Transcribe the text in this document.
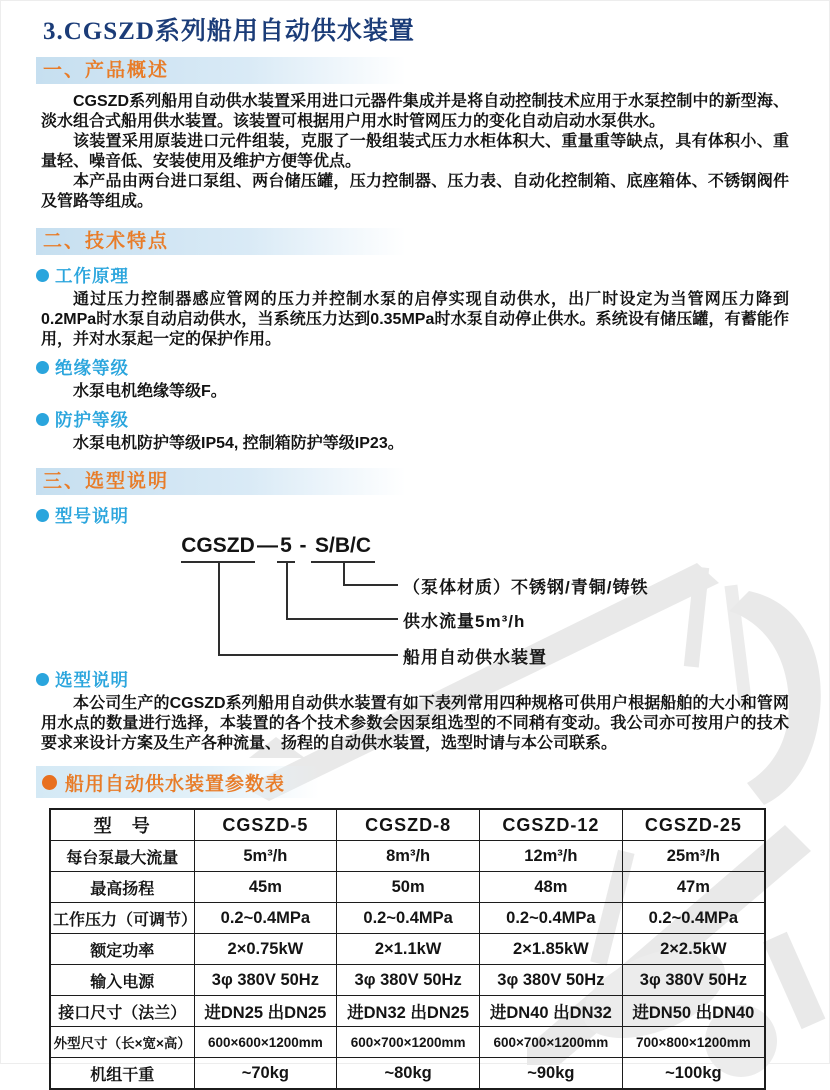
3.CGSZD系列船用自动供水装置
一、产品概述

CGSZD系列船用自动供水装置采用进口元器件集成并是将自动控制技术应用于水泵控制中的新型海、淡水组合式船用供水装置。该装置可根据用户用水时管网压力的变化自动启动水泵供水。

该装置采用原装进口元件组装，克服了一般组装式压力水柜体积大、重量重等缺点，具有体积小、重量轻、噪音低、安装使用及维护方便等优点。

本产品由两台进口泵组、两台储压罐，压力控制器、压力表、自动化控制箱、底座箱体、不锈钢阀件及管路等组成。

二、技术特点
工作原理

通过压力控制器感应管网的压力并控制水泵的启停实现自动供水，出厂时设定为当管网压力降到0.2MPa时水泵自动启动供水，当系统压力达到0.35MPa时水泵自动停止供水。系统设有储压罐，有蓄能作用，并对水泵起一定的保护作用。

绝缘等级

水泵电机绝缘等级F。

防护等级

水泵电机防护等级IP54, 控制箱防护等级IP23。

三、选型说明
型号说明
CGSZD — 5 - S/B/C
（泵体材质）不锈钢/青铜/铸铁
供水流量5m³/h
船用自动供水装置
选型说明

本公司生产的CGSZD系列船用自动供水装置有如下表列常用四种规格可供用户根据船舶的大小和管网用水点的数量进行选择，本装置的各个技术参数会因泵组选型的不同稍有变动。我公司亦可按用户的技术要求来设计方案及生产各种流量、扬程的自动供水装置，选型时请与本公司联系。

船用自动供水装置参数表
型　号	CGSZD-5	CGSZD-8	CGSZD-12	CGSZD-25
每台泵最大流量	5m³/h	8m³/h	12m³/h	25m³/h
最高扬程	45m	50m	48m	47m
工作压力（可调节）	0.2~0.4MPa	0.2~0.4MPa	0.2~0.4MPa	0.2~0.4MPa
额定功率	2×0.75kW	2×1.1kW	2×1.85kW	2×2.5kW
输入电源	3φ 380V 50Hz	3φ 380V 50Hz	3φ 380V 50Hz	3φ 380V 50Hz
接口尺寸（法兰）	进DN25 出DN25	进DN32 出DN25	进DN40 出DN32	进DN50 出DN40
外型尺寸（长×宽×高）	600×600×1200mm	600×700×1200mm	600×700×1200mm	700×800×1200mm
机组干重	~70kg	~80kg	~90kg	~100kg
